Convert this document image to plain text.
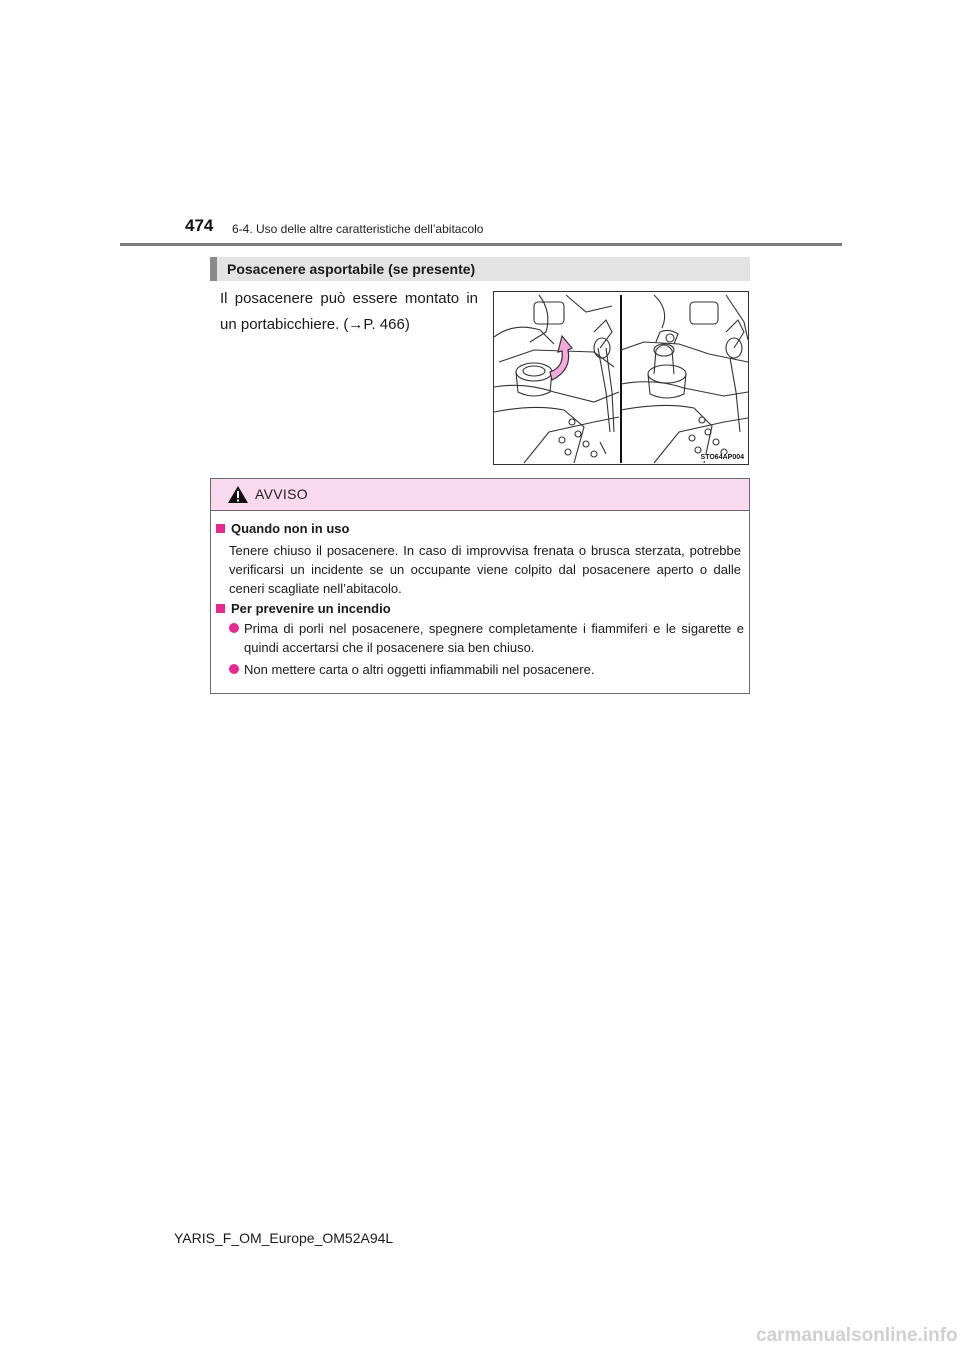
474 6-4. Uso delle altre caratteristiche dell’abitacolo
Posacenere asportabile (se presente)
Il posacenere può essere montato in un portabicchiere. (→P. 466)
STO64AP004
AVVISO
Quando non in uso
Tenere chiuso il posacenere. In caso di improvvisa frenata o brusca sterzata, potrebbe verificarsi un incidente se un occupante viene colpito dal posacenere aperto o dalle ceneri scagliate nell’abitacolo.
Per prevenire un incendio
Prima di porli nel posacenere, spegnere completamente i fiammiferi e le sigarette e quindi accertarsi che il posacenere sia ben chiuso.
Non mettere carta o altri oggetti infiammabili nel posacenere.
YARIS_F_OM_Europe_OM52A94L
carmanualsonline.info
